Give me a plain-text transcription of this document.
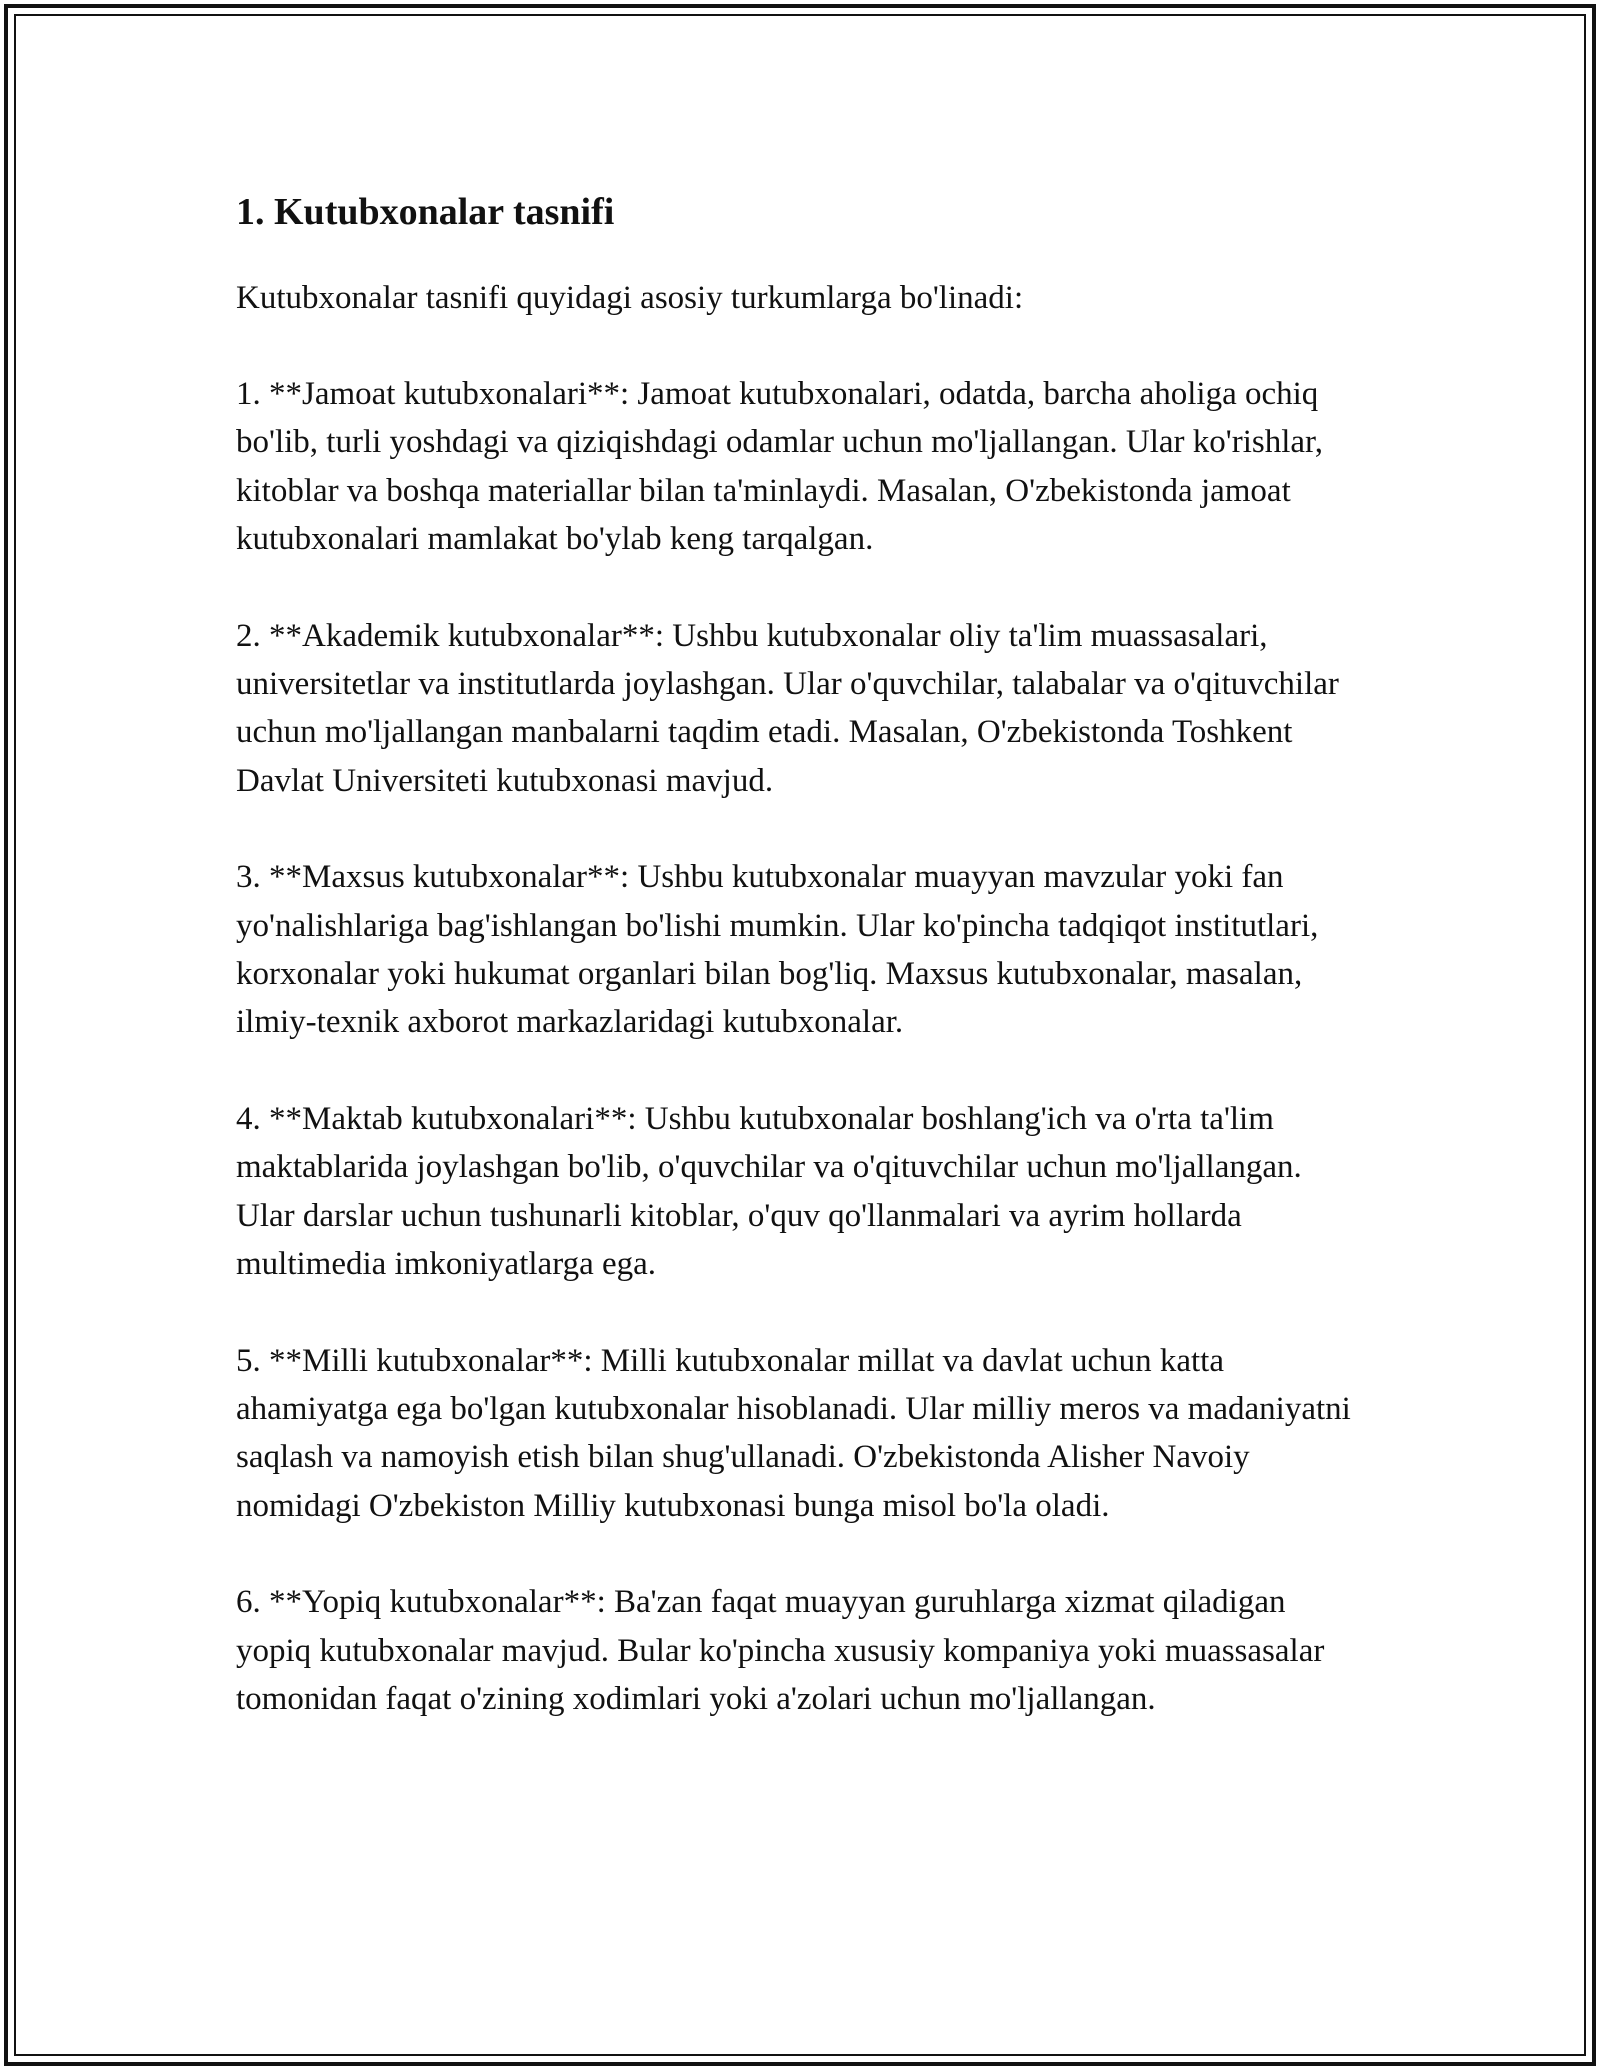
1. Kutubxonalar tasnifi

Kutubxonalar tasnifi quyidagi asosiy turkumlarga bo'linadi:

1. **Jamoat kutubxonalari**: Jamoat kutubxonalari, odatda, barcha aholiga ochiq bo'lib, turli yoshdagi va qiziqishdagi odamlar uchun mo'ljallangan. Ular ko'rishlar, kitoblar va boshqa materiallar bilan ta'minlaydi. Masalan, O'zbekistonda jamoat kutubxonalari mamlakat bo'ylab keng tarqalgan.

2. **Akademik kutubxonalar**: Ushbu kutubxonalar oliy ta'lim muassasalari, universitetlar va institutlarda joylashgan. Ular o'quvchilar, talabalar va o'qituvchilar uchun mo'ljallangan manbalarni taqdim etadi. Masalan, O'zbekistonda Toshkent Davlat Universiteti kutubxonasi mavjud.

3. **Maxsus kutubxonalar**: Ushbu kutubxonalar muayyan mavzular yoki fan yo'nalishlariga bag'ishlangan bo'lishi mumkin. Ular ko'pincha tadqiqot institutlari, korxonalar yoki hukumat organlari bilan bog'liq. Maxsus kutubxonalar, masalan, ilmiy-texnik axborot markazlaridagi kutubxonalar.

4. **Maktab kutubxonalari**: Ushbu kutubxonalar boshlang'ich va o'rta ta'lim maktablarida joylashgan bo'lib, o'quvchilar va o'qituvchilar uchun mo'ljallangan. Ular darslar uchun tushunarli kitoblar, o'quv qo'llanmalari va ayrim hollarda multimedia imkoniyatlarga ega.

5. **Milli kutubxonalar**: Milli kutubxonalar millat va davlat uchun katta ahamiyatga ega bo'lgan kutubxonalar hisoblanadi. Ular milliy meros va madaniyatni saqlash va namoyish etish bilan shug'ullanadi. O'zbekistonda Alisher Navoiy nomidagi O'zbekiston Milliy kutubxonasi bunga misol bo'la oladi.

6. **Yopiq kutubxonalar**: Ba'zan faqat muayyan guruhlarga xizmat qiladigan yopiq kutubxonalar mavjud. Bular ko'pincha xususiy kompaniya yoki muassasalar tomonidan faqat o'zining xodimlari yoki a'zolari uchun mo'ljallangan.
